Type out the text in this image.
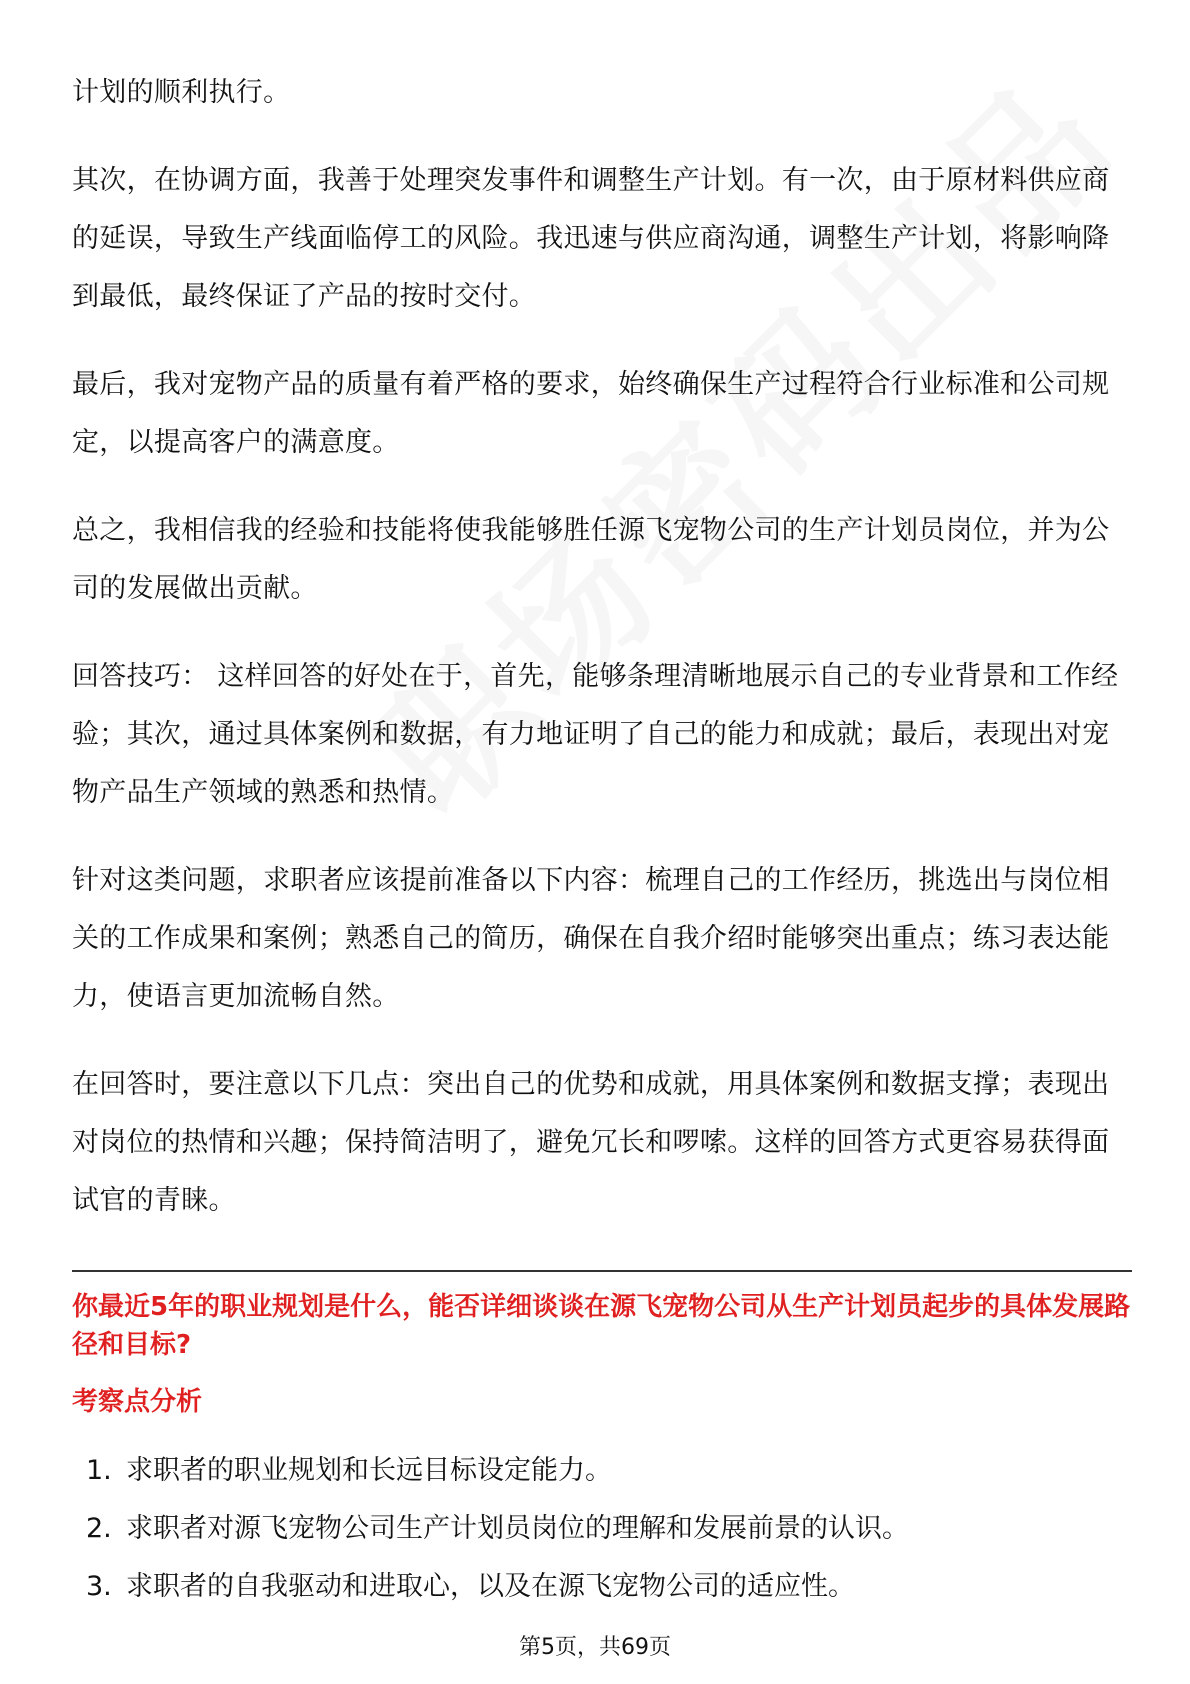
计划的顺利执行。

其次，在协调方面，我善于处理突发事件和调整生产计划。有一次，由于原材料供应商的延误，导致生产线面临停工的风险。我迅速与供应商沟通，调整生产计划，将影响降到最低，最终保证了产品的按时交付。

最后，我对宠物产品的质量有着严格的要求，始终确保生产过程符合行业标准和公司规定，以提高客户的满意度。

总之，我相信我的经验和技能将使我能够胜任源飞宠物公司的生产计划员岗位，并为公司的发展做出贡献。

回答技巧： 这样回答的好处在于，首先，能够条理清晰地展示自己的专业背景和工作经验；其次，通过具体案例和数据，有力地证明了自己的能力和成就；最后，表现出对宠物产品生产领域的熟悉和热情。

针对这类问题，求职者应该提前准备以下内容：梳理自己的工作经历，挑选出与岗位相关的工作成果和案例；熟悉自己的简历，确保在自我介绍时能够突出重点；练习表达能力，使语言更加流畅自然。

在回答时，要注意以下几点：突出自己的优势和成就，用具体案例和数据支撑；表现出对岗位的热情和兴趣；保持简洁明了，避免冗长和啰嗦。这样的回答方式更容易获得面试官的青睐。

你最近5年的职业规划是什么，能否详细谈谈在源飞宠物公司从生产计划员起步的具体发展路径和目标?
考察点分析
1. 求职者的职业规划和长远目标设定能力。
2. 求职者对源飞宠物公司生产计划员岗位的理解和发展前景的认识。
3. 求职者的自我驱动和进取心，以及在源飞宠物公司的适应性。
第5页，共69页
